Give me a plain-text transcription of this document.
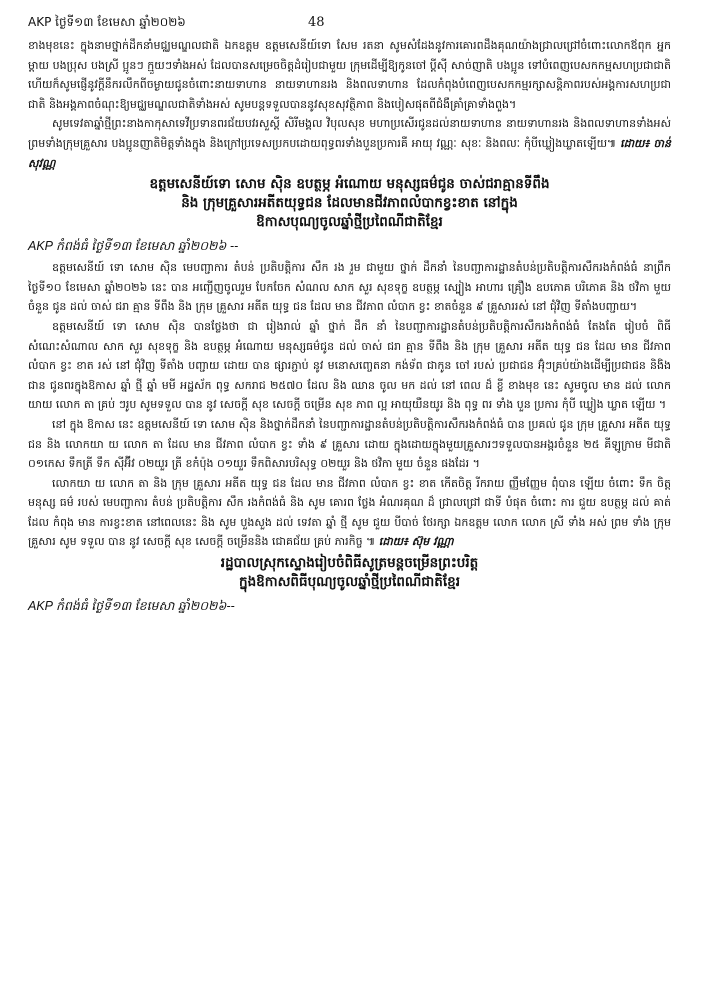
AKP ថ្ងៃទី១៣ ខែមេសា ឆ្នាំ២០២៦	48

ខាងមុខនេះ ក្នុងនាមថ្នាក់ដឹកនាំមជ្ឈមណ្ឌលជាតិ ឯកឧត្តម ឧត្តមសេនីយ៍ទោ សែម រតនា សូមសំដែងនូវការគោរពដឹងគុណយ៉ាងជ្រាលជ្រៅចំពោះលោកឪពុក អ្នកម្ដាយ បងប្រុស បងស្រី ប្អូនៗ ក្មួយៗទាំងអស់ ដែលបានសម្រេចចិត្តដំរៀបជាមួយ ក្រុមដើម្បីឱ្យកូនចៅ ប្ដីស៊ី សាច់ញាតិ បងប្អូន ទៅបំពេញបេសកកម្មសហប្រជាជាតិ ហើយក៏សូមផ្ញើនូវក្ដីនឹករលឹកពីចម្ងាយជូនចំពោះនាយទាហាន នាយទាហានរង និងពលទាហាន ដែលកំពុងបំពេញបេសកកម្មរក្សាសន្តិភាពរបស់អង្គការសហប្រជាជាតិ និងអង្គភាពចំណុះឱ្យមជ្ឈមណ្ឌលជាតិទាំងអស់ សូមបន្តទទួលបាននូវសុខសុវត្ថិភាព និងបៀសផុតពីជំងឺគ្រាំគ្រាទាំងពួង។

សូមទេវតាឆ្នាំថ្មីព្រះនាងកាកុសាទេវីប្រទានពរជ័យបវរសួស្ដី សិរីមង្គល វិបុលសុខ មហាប្រសើរជូនដល់នាយទាហាន នាយទាហានរង និងពលទាហានទាំងអស់ ព្រមទាំងក្រុមគ្រួសារ បងប្អូនញាតិមិត្តទាំងក្នុង និងក្រៅប្រទេសប្រកបដោយពុទ្ធពរទាំងបួនប្រការគឺ អាយុ វណ្ណៈ សុខៈ និងពលៈ កុំបីឃ្លៀងឃ្លាតឡើយ៕ ដោយ៖ ចាន់ សុវណ្ណ

ឧត្តមសេនីយ៍ទោ សោម ស៊ិន ឧបត្ថម្ភ អំណោយ មនុស្សធម៌ជូន ចាស់ជរាគ្មានទីពឹង
និង ក្រុមគ្រួសារអតីតយុទ្ធជន ដែលមានជីវភាពលំបាកខ្វះខាត នៅក្នុង
ឱកាសបុណ្យចូលឆ្នាំថ្មីប្រពៃណីជាតិខ្មែរ
AKP កំពង់ធំ ថ្ងៃទី១៣ ខែមេសា ឆ្នាំ២០២៦ --

ឧត្តមសេនីយ៍ ទោ សោម ស៊ិន មេបញ្ជាការ តំបន់ ប្រតិបត្តិការ សឹក រង រួម ជាមួយ ថ្នាក់ ដឹកនាំ នៃបញ្ជាការដ្ឋានតំបន់ប្រតិបត្តិការសឹករងកំពង់ធំ នាព្រឹកថ្ងៃទី១០ ខែមេសា ឆ្នាំ២០២៦ នេះ បាន អញ្ជើញចូលរួម បែកចែក សំណល សាក សួរ សុខទុក្ខ ឧបត្ថម្ភ ស្បៀង អាហារ គ្រឿង ឧបភោគ បរិភោគ និង ថវិកា មួយ ចំនួន ជូន ដល់ ចាស់ ជរា គ្មាន ទីពឹង និង ក្រុម គ្រួសារ អតីត យុទ្ធ ជន ដែល មាន ជីវភាព លំបាក ខ្វះ ខាតចំនួន ៩ គ្រួសាររស់ នៅ ជុំវិញ ទីតាំងបញ្ជាយ។

ឧត្តមសេនីយ៍ ទោ សោម ស៊ិន បានថ្លែងថា ជា រៀងរាល់ ឆ្នាំ ថ្នាក់ ដឹក នាំ នៃបញ្ជាការដ្ឋានតំបន់ប្រតិបត្តិការសឹករងកំពង់ធំ តែងតែ រៀបចំ ពិធី សំណេះសំណាល សាក សួរ សុខទុក្ខ និង ឧបត្ថម្ភ អំណោយ មនុស្សធម៌ជូន ដល់ ចាស់ ជរា គ្មាន ទីពឹង និង ក្រុម គ្រួសារ អតីត យុទ្ធ ជន ដែល មាន ជីវភាព លំបាក ខ្វះ ខាត រស់ នៅ ជុំវិញ ទីតាំង បញ្ជាយ ដោយ បាន ផ្សារភ្ជាប់ នូវ មនោសញ្ចេតនា កង់ទ័ព ជាកូន ចៅ របស់ ប្រជាជន អ៊ុំៗគ្រប់យ៉ាងដើម្បីប្រជាជន និងិងជាន ជូនពរក្នុងឱកាស ឆ្នាំ ថ្មី ឆ្នាំ មមី អដ្ឋស័ក ពុទ្ធ សករាជ ២៥៧០ ដែល និង ឈាន ចូល មក ដល់ នៅ ពេល ដ៏ ខ្លី ខាងមុខ នេះ សូមចូល មាន ដល់ លោក យាយ លោក តា គ្រប់ ៗរូប សូមទទួល បាន នូវ សេចក្ដី សុខ សេចក្ដី ចម្រើន សុខ ភាព ល្អ អាយុយឺនយូរ និង ពុទ្ធ ពរ ទាំង បួន ប្រការ កុំបី ឃ្លៀង ឃ្លាត ឡើយ ។

នៅ ក្នុង ឱកាស នេះ ឧត្តមសេនីយ៍ ទោ សោម ស៊ិន និងថ្នាក់ដឹកនាំ នៃបញ្ជាការដ្ឋានតំបន់ប្រតិបត្តិការសឹករងកំពង់ធំ បាន ប្រគល់ ជូន ក្រុម គ្រួសារ អតីត យុទ្ធ ជន និង លោកយា យ លោក តា ដែល មាន ជីវភាព លំបាក ខ្វះ ទាំង ៩ គ្រួសារ ដោយ ក្នុងដោយក្នុងមួយគ្រួសារៗទទួលបានអង្ករចំនួន ២៥ គីឡូក្រាម មីជាតិ ០១កេស ទឹកត្រី ទឹក ស៊ីអ៊ីវ ០២យួរ ត្រី ខកំប៉ុង ០១យួរ ទឹកពិសារបរិសុទ្ធ ០២យួរ និង ថវិកា មួយ ចំនួន ផងដែរ ។

លោកយា យ លោក តា និង ក្រុម គ្រួសារ អតីត យុទ្ធ ជន ដែល មាន ជីវភាព លំបាក ខ្វះ ខាត កើតចិត្ត រីករាយ ញ្ញឹមញ្ញែម ពុំបាន ឡើយ ចំពោះ ទឹក ចិត្ត មនុស្ស ធម៌ របស់ មេបញ្ជាការ តំបន់ ប្រតិបត្តិការ សឹក រងកំពង់ធំ និង សូម គោរព ថ្លែង អំណរគុណ ដ៏ ជ្រាលជ្រៅ ជាទី បំផុត ចំពោះ ការ ជួយ ឧបត្ថម្ភ ដល់ គាត់ ដែល កំពុង មាន ការខ្វះខាត នៅពេលនេះ និង សូម បួងសួង ដល់ ទេវតា ឆ្នាំ ថ្មី សូម ជួយ បីបាច់ ថែរក្សា ឯកឧត្តម លោក លោក ស្រី ទាំង អស់ ព្រម ទាំង ក្រុម គ្រួសារ សូម ទទួល បាន នូវ សេចក្ដី សុខ សេចក្ដី ចម្រើននិង ជោគជ័យ គ្រប់ ភារកិច្ច ៕ ដោយ៖ ស៊ុម វណ្ណា

រដ្ឋបាលស្រុកស្ទោងរៀបចំពិធីសូត្រមន្តចម្រើនព្រះបរិត្ត
ក្នុងឱកាសពិធីបុណ្យចូលឆ្នាំថ្មីប្រពៃណីជាតិខ្មែរ
AKP កំពង់ធំ ថ្ងៃទី១៣ ខែមេសា ឆ្នាំ២០២៦--
